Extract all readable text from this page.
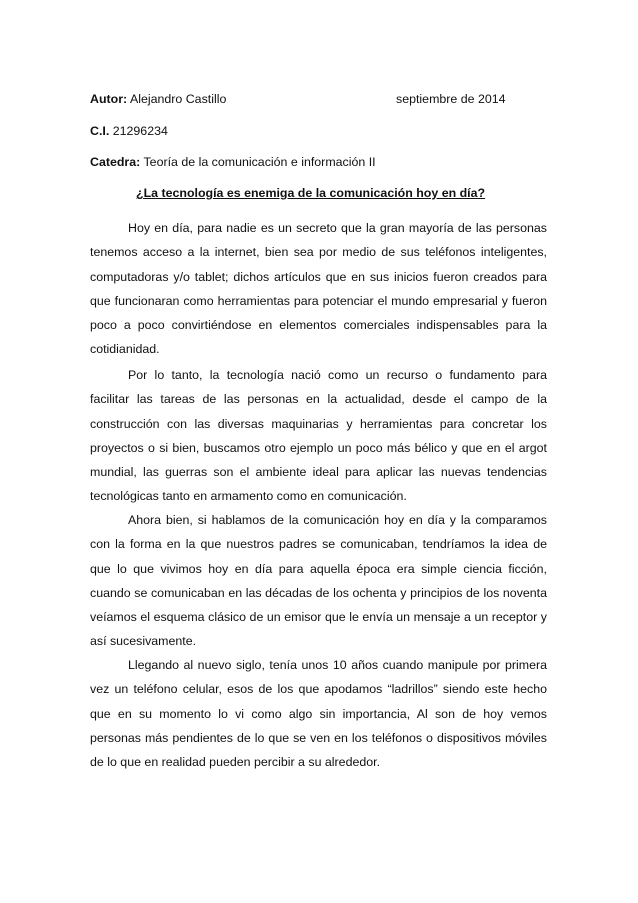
Autor: Alejandro Castillo	septiembre de 2014
C.I. 21296234
Catedra: Teoría de la comunicación e información II
¿La tecnología es enemiga de la comunicación hoy en día?

Hoy en día, para nadie es un secreto que la gran mayoría de las personas tenemos acceso a la internet, bien sea por medio de sus teléfonos inteligentes, computadoras y/o tablet; dichos artículos que en sus inicios fueron creados para que funcionaran como herramientas para potenciar el mundo empresarial y fueron poco a poco convirtiéndose en elementos comerciales indispensables para la cotidianidad.

Por lo tanto, la tecnología nació como un recurso o fundamento para facilitar las tareas de las personas en la actualidad, desde el campo de la construcción con las diversas maquinarias y herramientas para concretar los proyectos o si bien, buscamos otro ejemplo un poco más bélico y que en el argot mundial, las guerras son el ambiente ideal para aplicar las nuevas tendencias tecnológicas tanto en armamento como en comunicación.

Ahora bien, si hablamos de la comunicación hoy en día y la comparamos con la forma en la que nuestros padres se comunicaban, tendríamos la idea de que lo que vivimos hoy en día para aquella época era simple ciencia ficción, cuando se comunicaban en las décadas de los ochenta y principios de los noventa veíamos el esquema clásico de un emisor que le envía un mensaje a un receptor y así sucesivamente.

Llegando al nuevo siglo, tenía unos 10 años cuando manipule por primera vez un teléfono celular, esos de los que apodamos “ladrillos” siendo este hecho que en su momento lo vi como algo sin importancia, Al son de hoy vemos personas más pendientes de lo que se ven en los teléfonos o dispositivos móviles de lo que en realidad pueden percibir a su alrededor.
